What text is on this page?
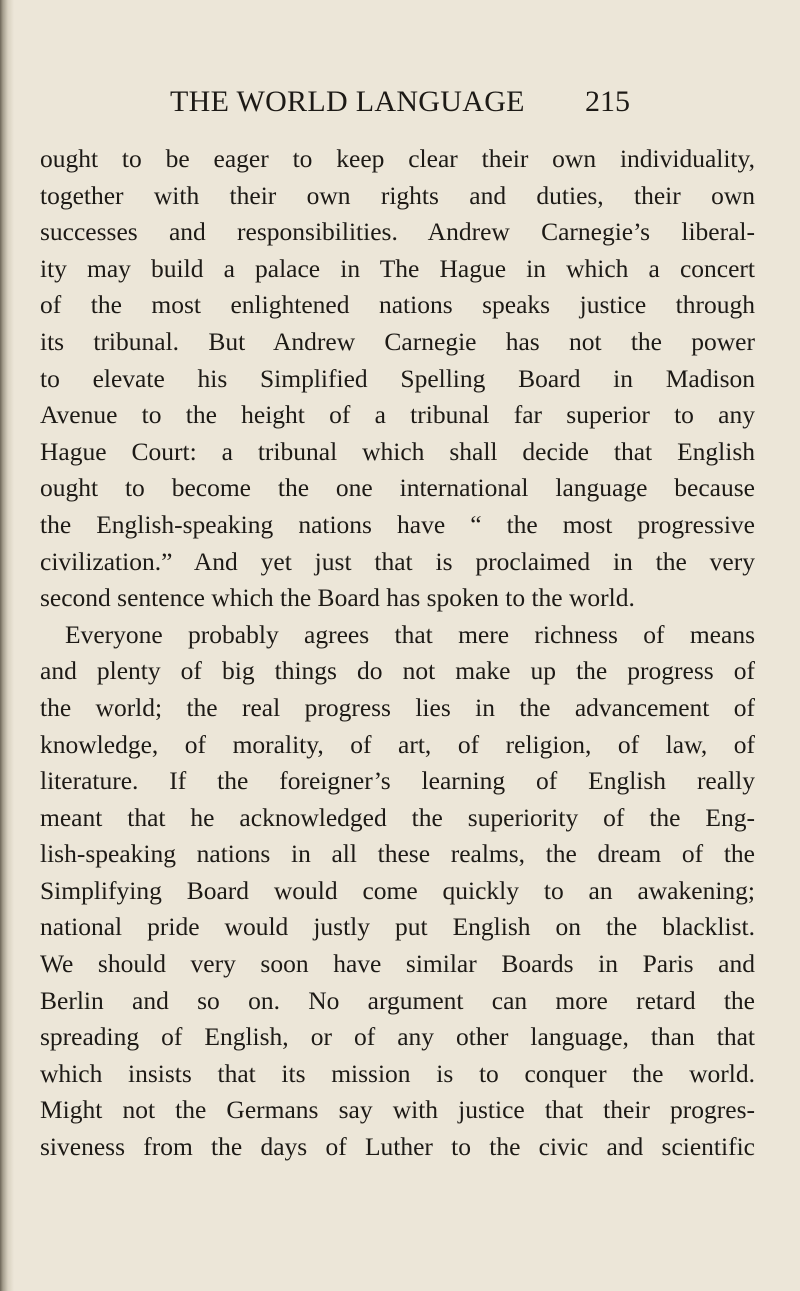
THE WORLD LANGUAGE 215
ought to be eager to keep clear their own individuality,
together with their own rights and duties, their own
successes and responsibilities. Andrew Carnegie’s liberal-
ity may build a palace in The Hague in which a concert
of the most enlightened nations speaks justice through
its tribunal. But Andrew Carnegie has not the power
to elevate his Simplified Spelling Board in Madison
Avenue to the height of a tribunal far superior to any
Hague Court: a tribunal which shall decide that English
ought to become the one international language because
the English-speaking nations have “ the most progressive
civilization.” And yet just that is proclaimed in the very
second sentence which the Board has spoken to the world.
Everyone probably agrees that mere richness of means
and plenty of big things do not make up the progress of
the world; the real progress lies in the advancement of
knowledge, of morality, of art, of religion, of law, of
literature. If the foreigner’s learning of English really
meant that he acknowledged the superiority of the Eng-
lish-speaking nations in all these realms, the dream of the
Simplifying Board would come quickly to an awakening;
national pride would justly put English on the blacklist.
We should very soon have similar Boards in Paris and
Berlin and so on. No argument can more retard the
spreading of English, or of any other language, than that
which insists that its mission is to conquer the world.
Might not the Germans say with justice that their progres-
siveness from the days of Luther to the civic and scientific
